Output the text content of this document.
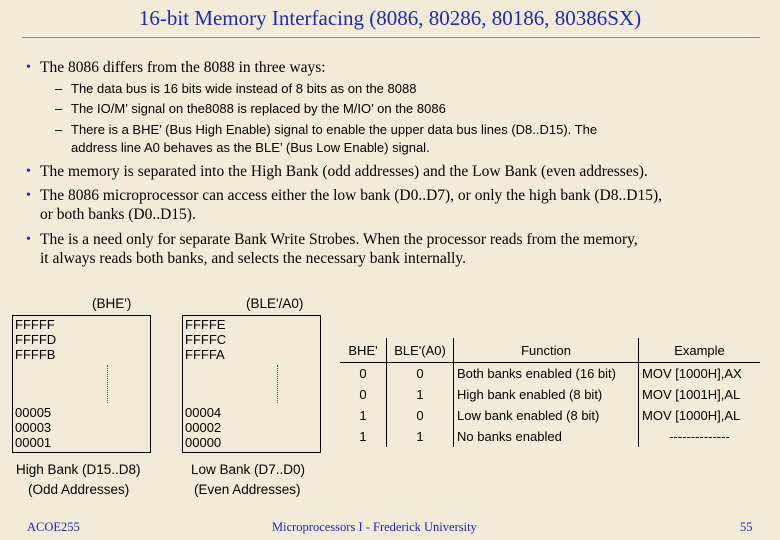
16-bit Memory Interfacing (8086, 80286, 80186, 80386SX)
• The 8086 differs from the 8088 in three ways:
– The data bus is 16 bits wide instead of 8 bits as on the 8088
– The IO/M’ signal on the8088 is replaced by the M/IO’ on the 8086
– There is a BHE’ (Bus High Enable) signal to enable the upper data bus lines (D8..D15). The
address line A0 behaves as the BLE’ (Bus Low Enable) signal.
• The memory is separated into the High Bank (odd addresses) and the Low Bank (even addresses).
• The 8086 microprocessor can access either the low bank (D0..D7), or only the high bank (D8..D15),
or both banks (D0..D15).
• The is a need only for separate Bank Write Strobes. When the processor reads from the memory,
it always reads both banks, and selects the necessary bank internally.
(BHE')
FFFFF
FFFFD
FFFFB
00005
00003
00001
High Bank (D15..D8)
(Odd Addresses)
(BLE'/A0)
FFFFE
FFFFC
FFFFA
00004
00002
00000
Low Bank (D7..D0)
(Even Addresses)
BHE'	BLE'(A0)	Function	Example
0	0	Both banks enabled (16 bit)	MOV [1000H],AX
0	1	High bank enabled (8 bit)	MOV [1001H],AL
1	0	Low bank enabled (8 bit)	MOV [1000H],AL
1	1	No banks enabled	--------------
ACOE255	Microprocessors I - Frederick University	55
